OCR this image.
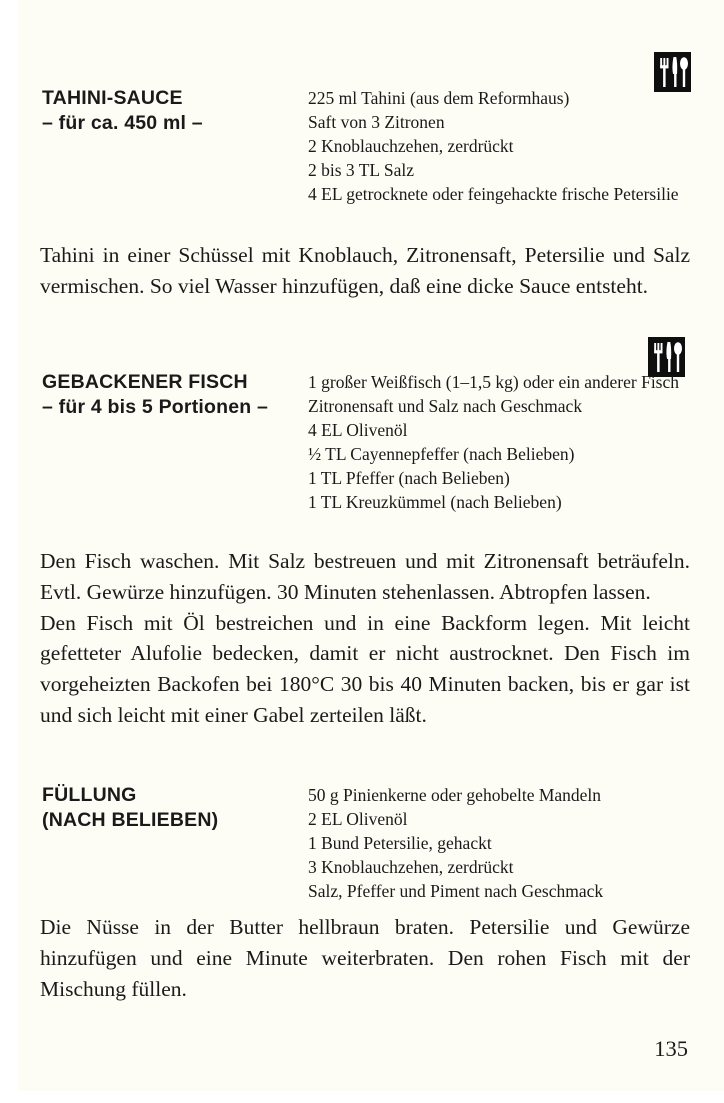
TAHINI-SAUCE
– für ca. 450 ml –
225 ml Tahini (aus dem Reformhaus)
Saft von 3 Zitronen
2 Knoblauchzehen, zerdrückt
2 bis 3 TL Salz
4 EL getrocknete oder feingehackte frische Petersilie

Tahini in einer Schüssel mit Knoblauch, Zitronensaft, Petersilie und Salz vermischen. So viel Wasser hinzufügen, daß eine dicke Sauce entsteht.

GEBACKENER FISCH
– für 4 bis 5 Portionen –
1 großer Weißfisch (1–1,5 kg) oder ein anderer Fisch
Zitronensaft und Salz nach Geschmack
4 EL Olivenöl
½ TL Cayennepfeffer (nach Belieben)
1 TL Pfeffer (nach Belieben)
1 TL Kreuzkümmel (nach Belieben)

Den Fisch waschen. Mit Salz bestreuen und mit Zitronensaft beträufeln. Evtl. Gewürze hinzufügen. 30 Minuten stehenlassen. Abtropfen lassen.

Den Fisch mit Öl bestreichen und in eine Backform legen. Mit leicht gefetteter Alufolie bedecken, damit er nicht austrocknet. Den Fisch im vorgeheizten Backofen bei 180°C 30 bis 40 Minuten backen, bis er gar ist und sich leicht mit einer Gabel zerteilen läßt.

FÜLLUNG
(NACH BELIEBEN)
50 g Pinienkerne oder gehobelte Mandeln
2 EL Olivenöl
1 Bund Petersilie, gehackt
3 Knoblauchzehen, zerdrückt
Salz, Pfeffer und Piment nach Geschmack

Die Nüsse in der Butter hellbraun braten. Petersilie und Gewürze hinzufügen und eine Minute weiterbraten. Den rohen Fisch mit der Mischung füllen.

135
